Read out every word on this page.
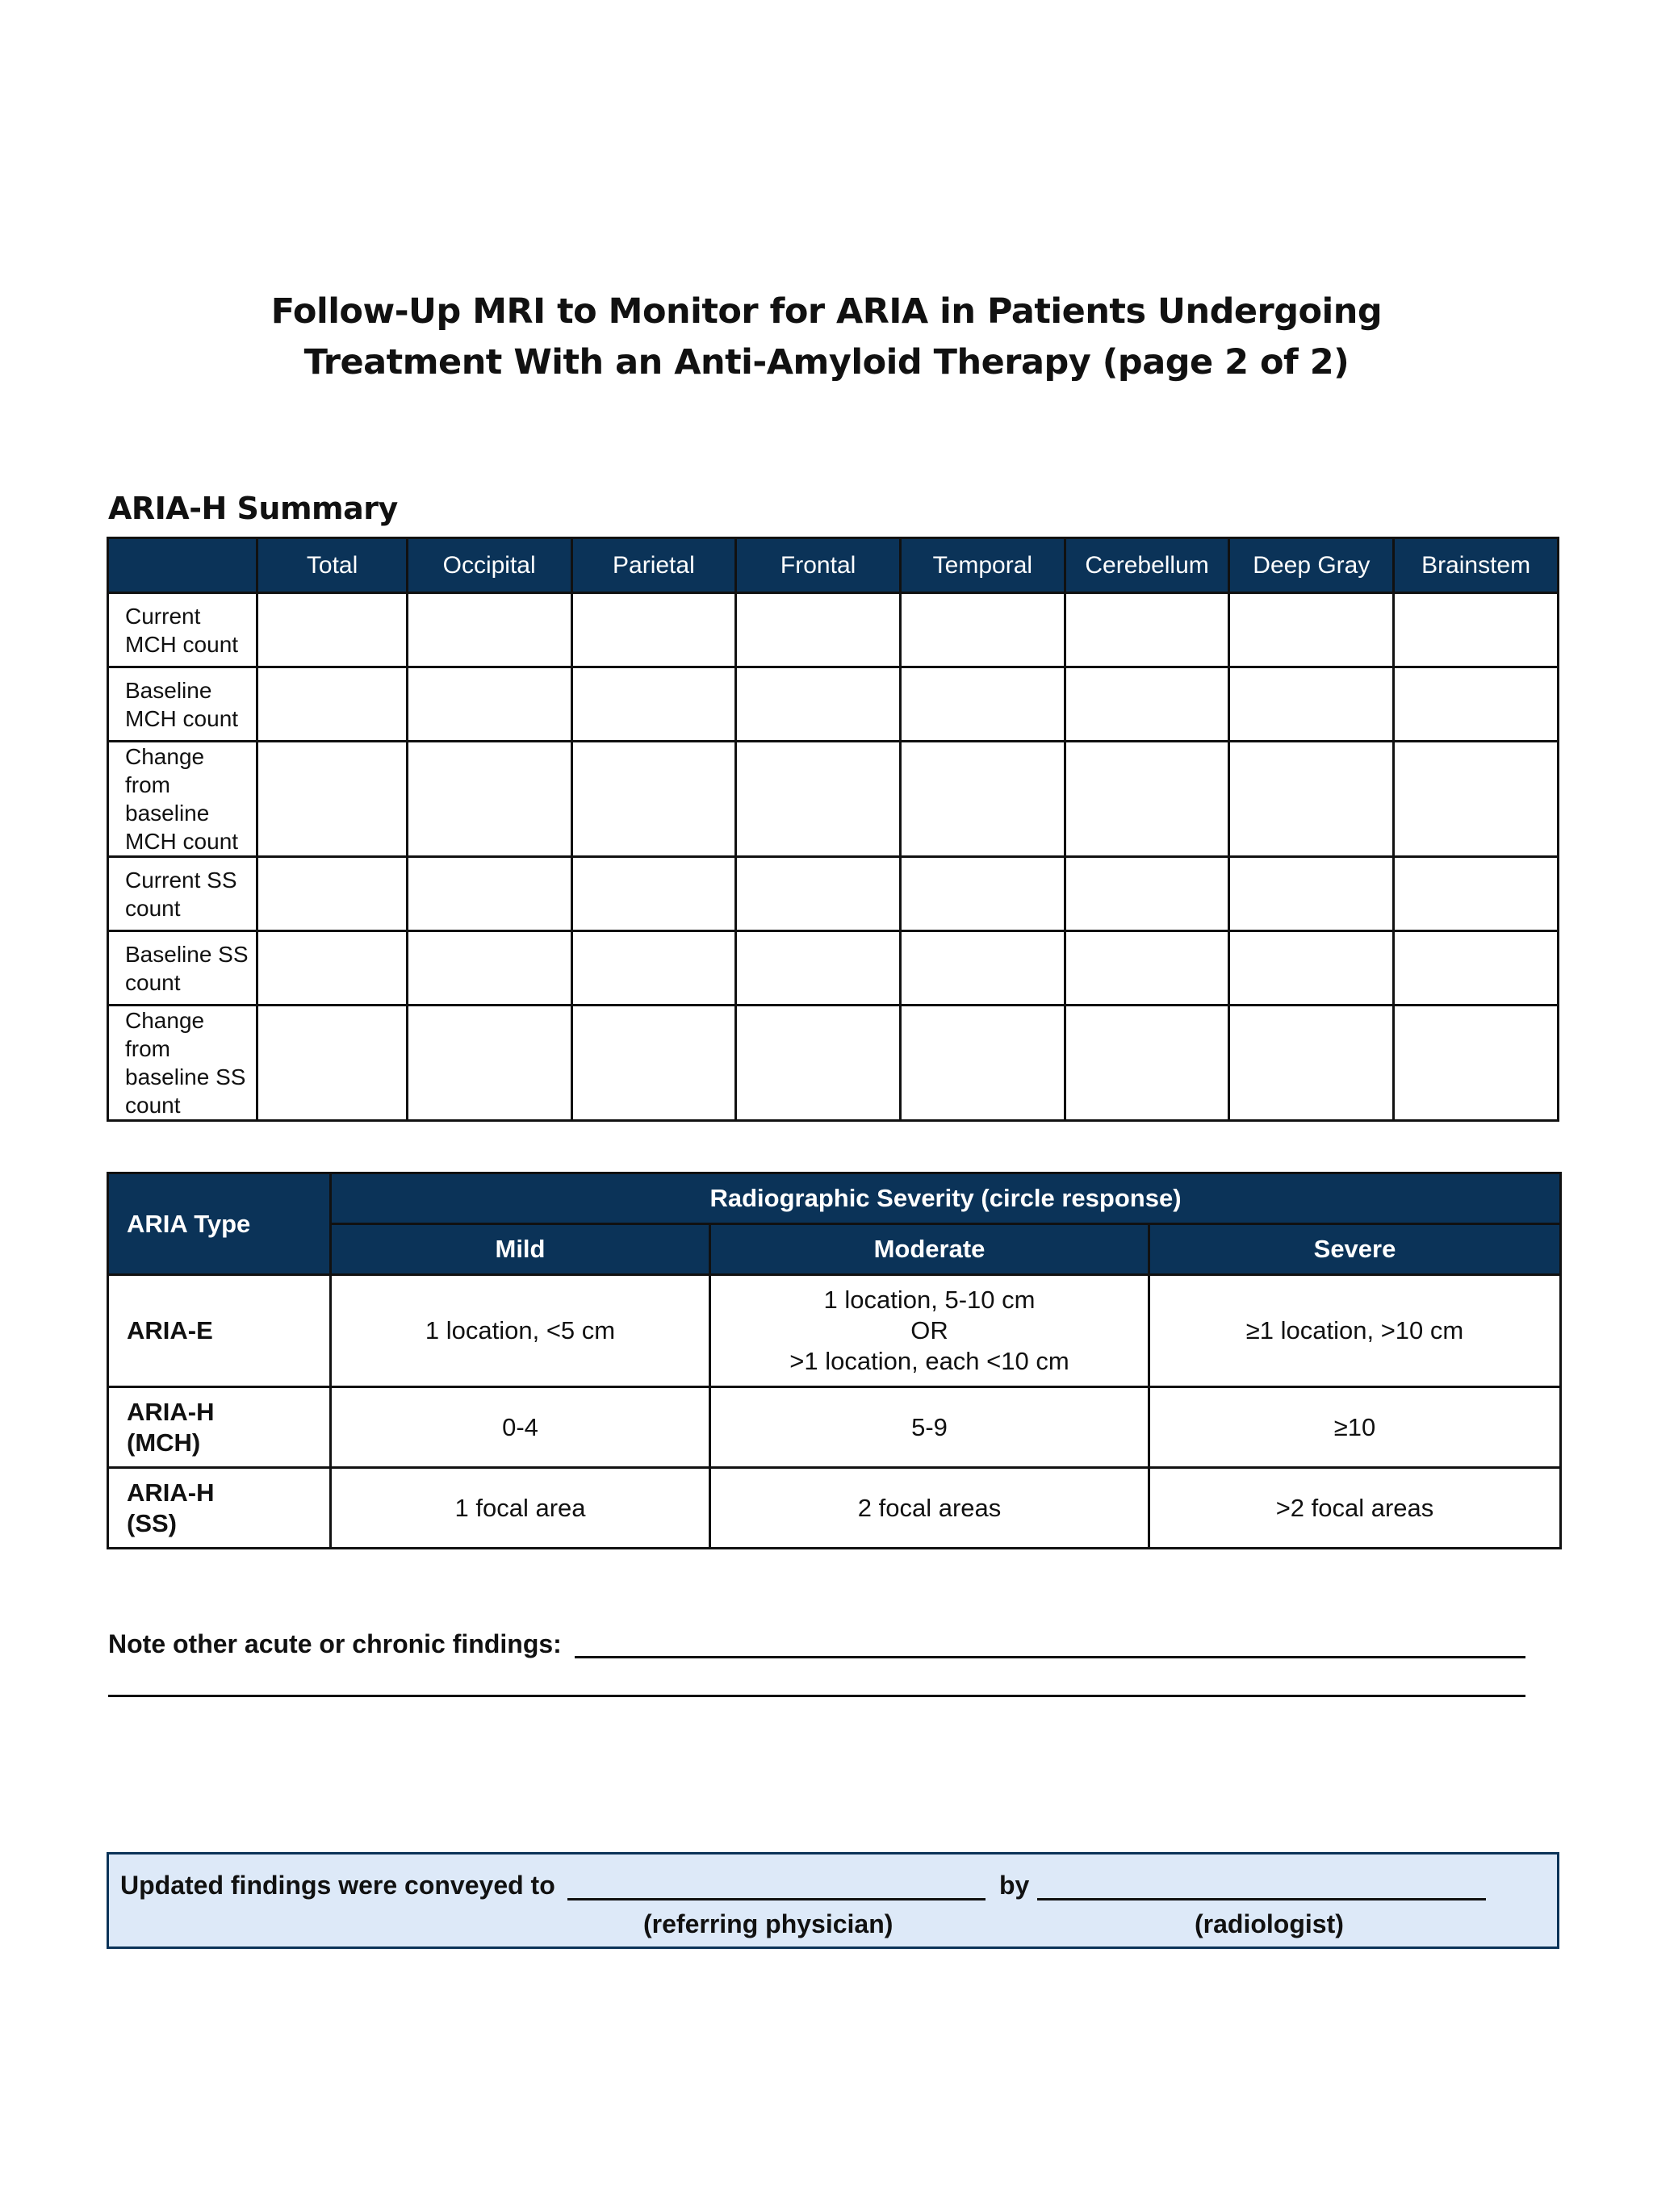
Follow-Up MRI to Monitor for ARIA in Patients Undergoing
Treatment With an Anti-Amyloid Therapy (page 2 of 2)
ARIA-H Summary
	Total	Occipital	Parietal	Frontal	Temporal	Cerebellum	Deep Gray	Brainstem

Current
MCH count								

Baseline
MCH count								

Change from
baseline
MCH count								

Current SS
count								

Baseline SS
count								

Change from
baseline SS
count								

ARIA Type	Radiographic Severity (circle response)		
	Mild	Moderate	Severe

ARIA-E	1 location, <5 cm	1 location, 5-10 cm
OR
>1 location, each <10 cm	≥1 location, >10 cm

ARIA-H
(MCH)	0-4	5-9	≥10

ARIA-H
(SS)	1 focal area	2 focal areas	>2 focal areas
Note other acute or chronic findings:
Updated findings were conveyed to	by
(referring physician)	(radiologist)
